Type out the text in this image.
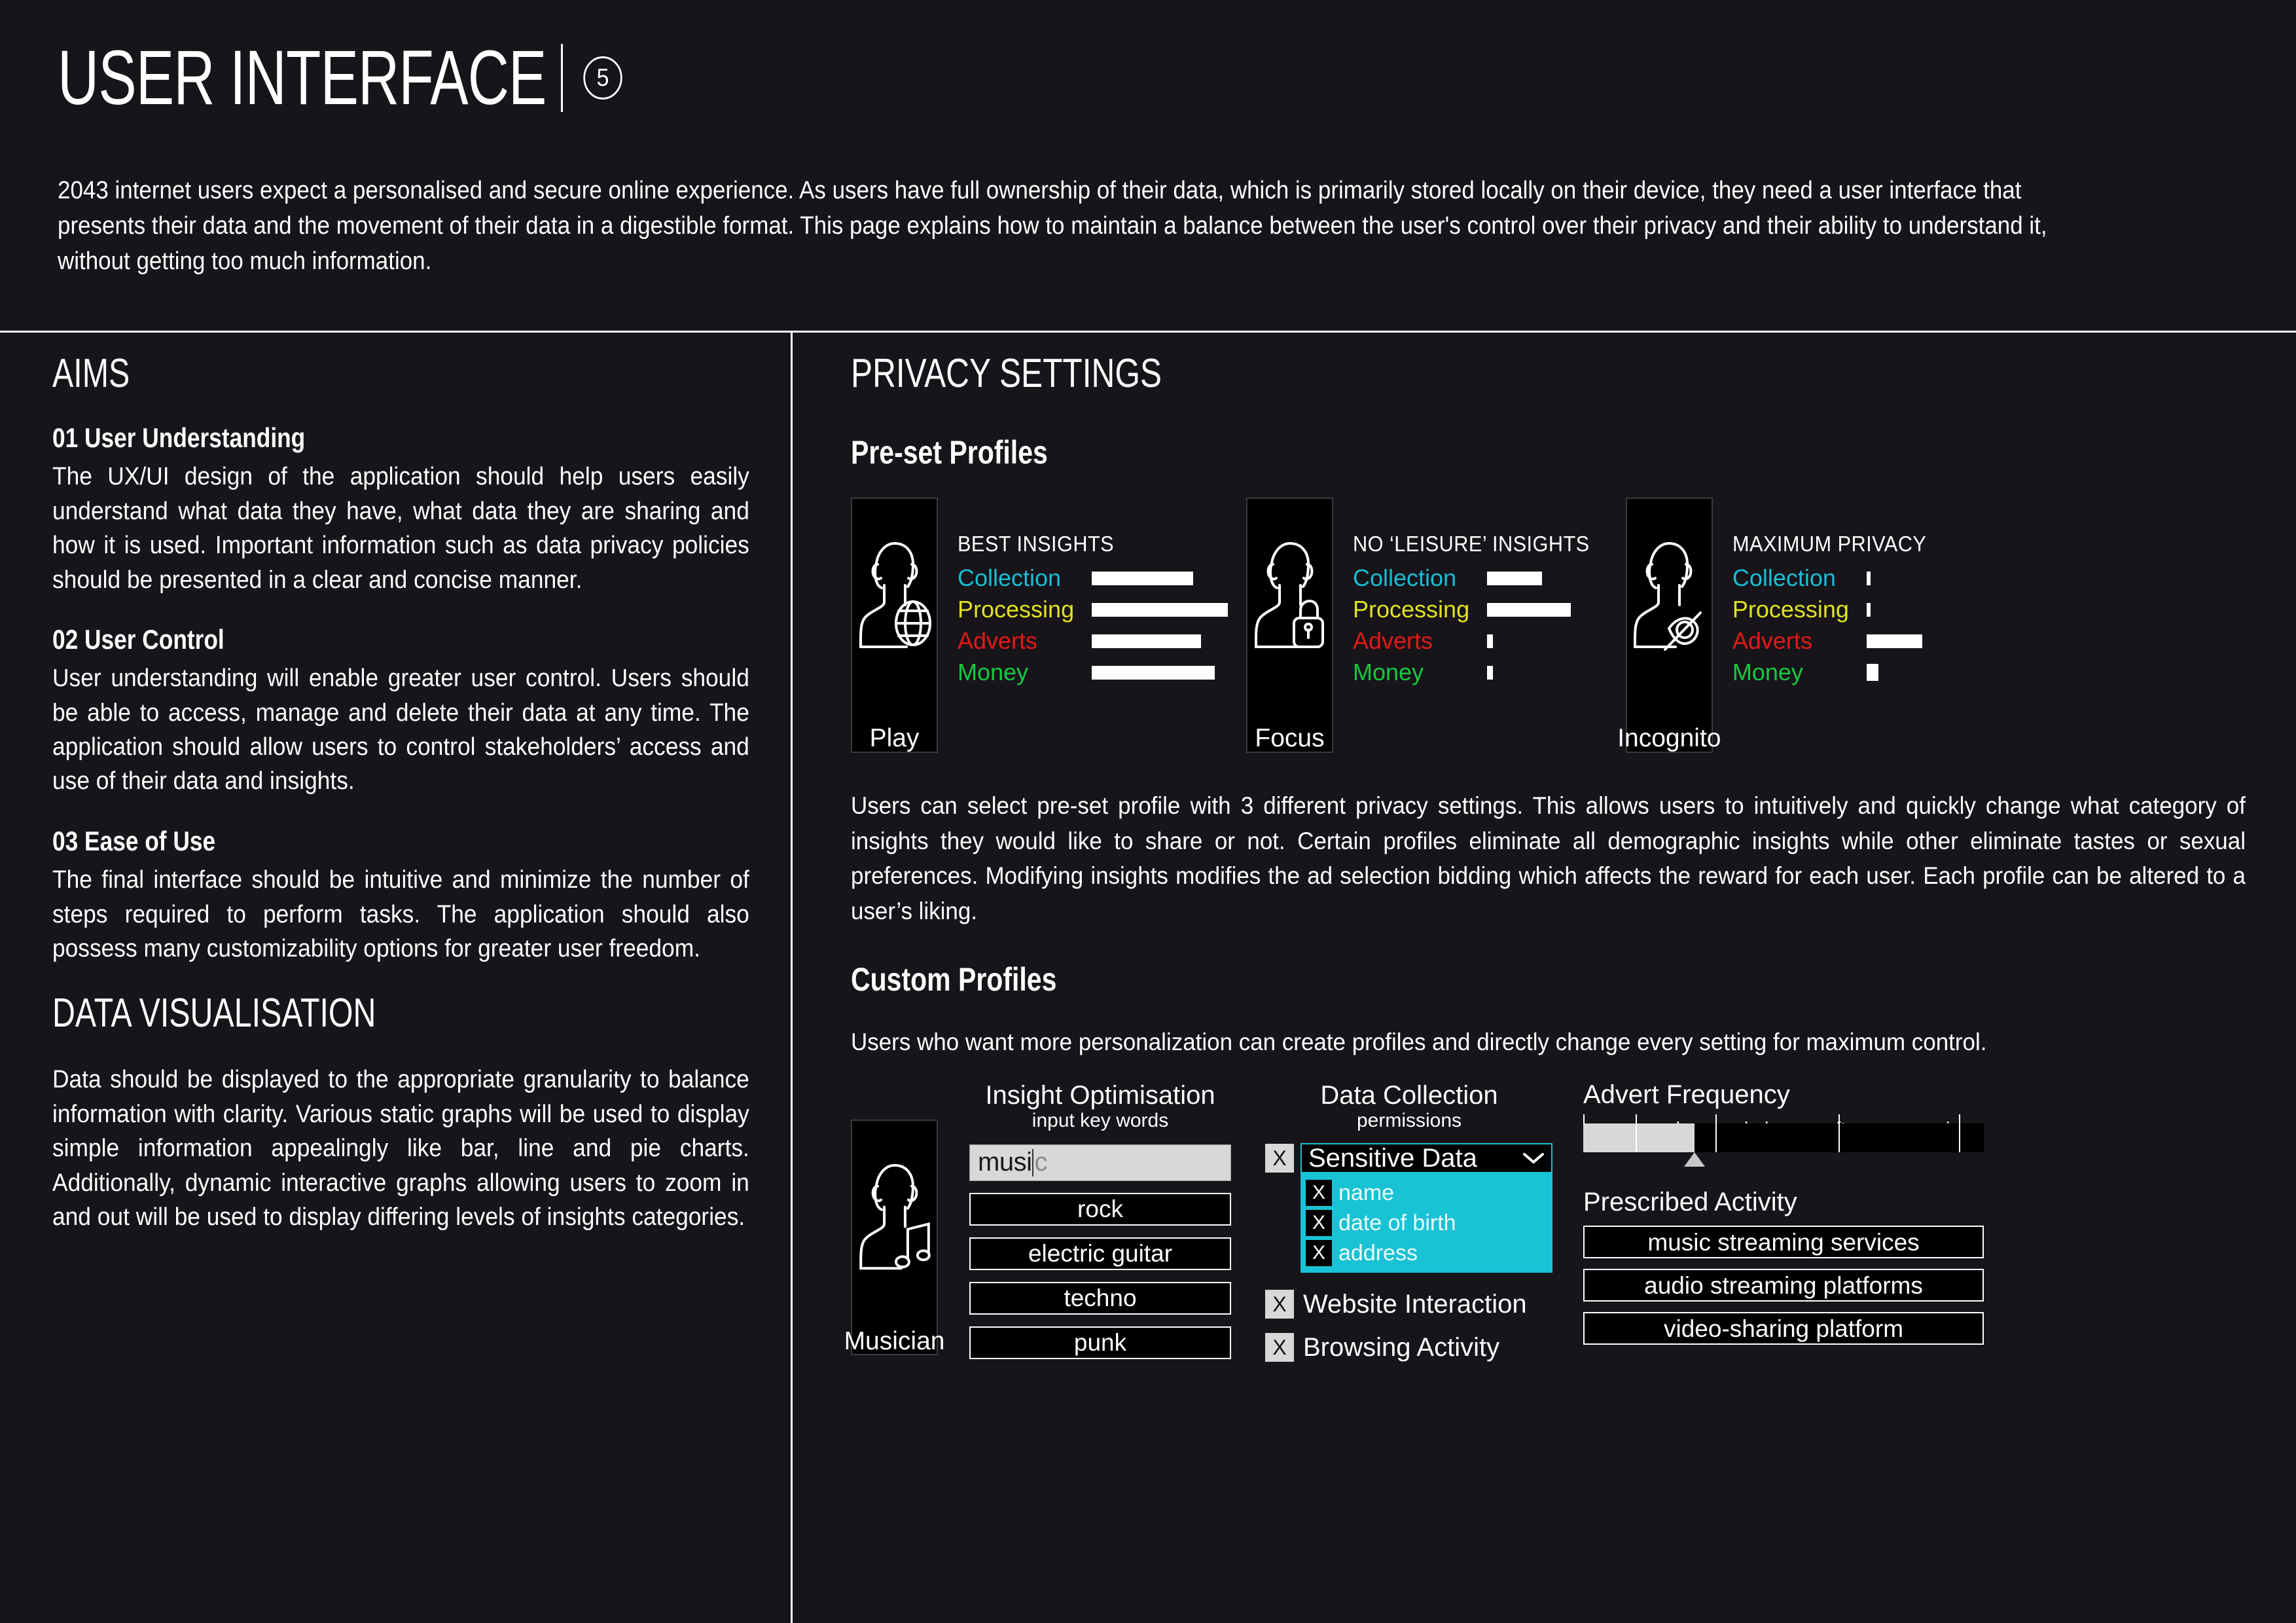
USER INTERFACE	5
2043 internet users expect a personalised and secure online experience. As users have full ownership of their data, which is primarily stored locally on their device, they need a user interface that presents their data and the movement of their data in a digestible format. This page explains how to maintain a balance between the user's control over their privacy and their ability to understand it, without getting too much information.
AIMS
01 User Understanding
The UX/UI design of the application should help users easily understand what data they have, what data they are sharing and how it is used. Important information such as data privacy policies should be presented in a clear and concise manner.
02 User Control
User understanding will enable greater user control. Users should be able to access, manage and delete their data at any time. The application should allow users to control stakeholders’ access and use of their data and insights.
03 Ease of Use
The final interface should be intuitive and minimize the number of steps required to perform tasks. The application should also possess many customizability options for greater user freedom.
DATA VISUALISATION
Data should be displayed to the appropriate granularity to balance information with clarity. Various static graphs will be used to display simple information appealingly like bar, line and pie charts. Additionally, dynamic interactive graphs allowing users to zoom in and out will be used to display differing levels of insights categories.
PRIVACY SETTINGS
Pre-set Profiles
Play
BEST INSIGHTS
Collection
Processing
Adverts
Money
Focus
NO ‘LEISURE’ INSIGHTS
Collection
Processing
Adverts
Money
Incognito
MAXIMUM PRIVACY
Collection
Processing
Adverts
Money
Users can select pre-set profile with 3 different privacy settings. This allows users to intuitively and quickly change what category of insights they would like to share or not. Certain profiles eliminate all demographic insights while other eliminate tastes or sexual preferences. Modifying insights modifies the ad selection bidding which affects the reward for each user. Each profile can be altered to a user’s liking.
Custom Profiles
Users who want more personalization can create profiles and directly change every setting for maximum control.
Musician
Insight Optimisation
input key words
musi c
rock
electric guitar
techno
punk
Data Collection
permissions
X Sensitive Data
X name
X date of birth
X address
X Website Interaction
X Browsing Activity
Advert Frequency
Prescribed Activity
music streaming services
audio streaming platforms
video-sharing platform
